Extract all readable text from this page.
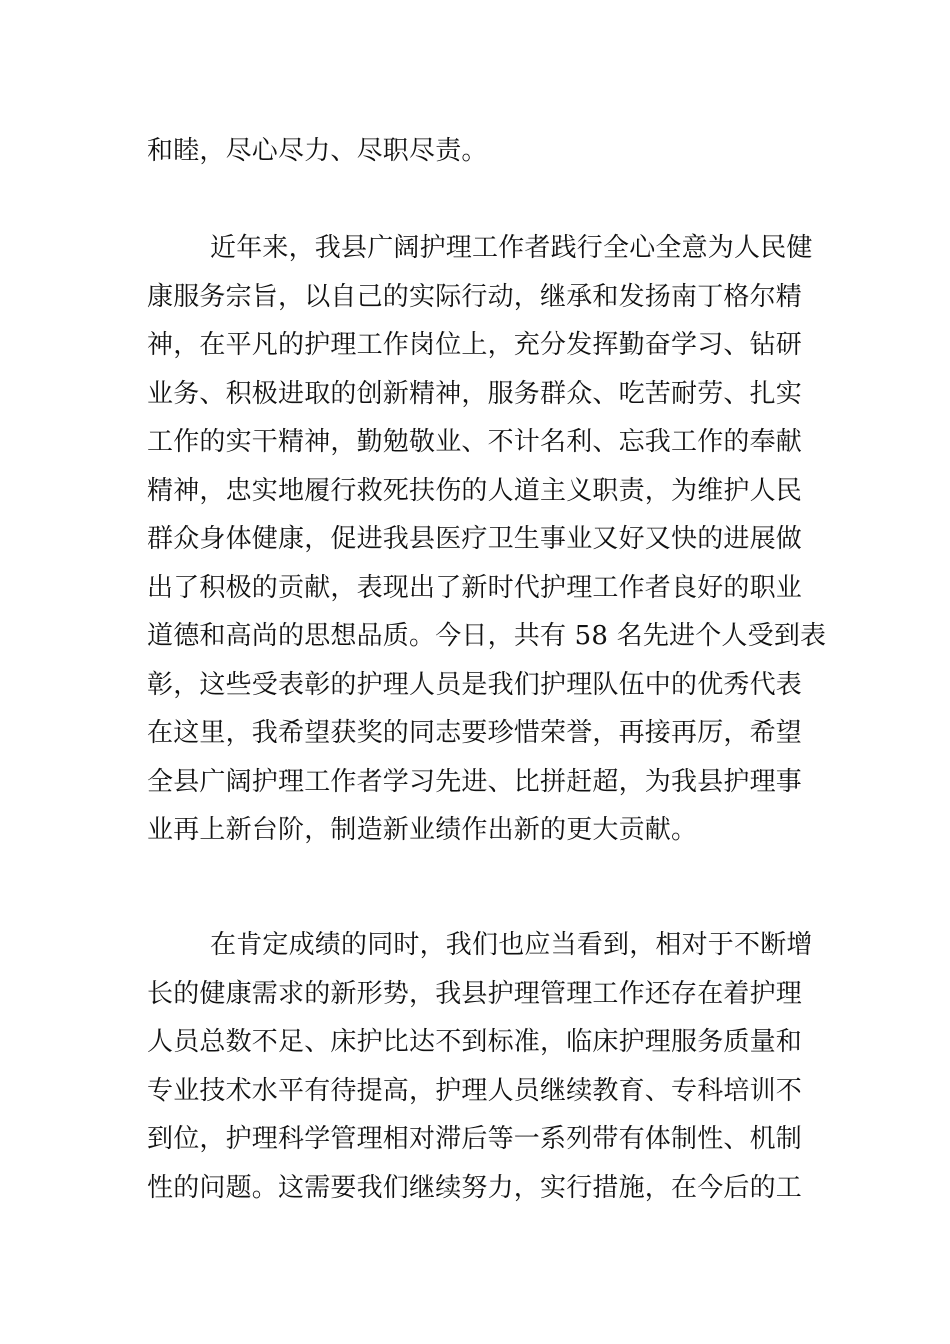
和睦，尽心尽力、尽职尽责。
近年来，我县广阔护理工作者践行全心全意为人民健
康服务宗旨，以自己的实际行动，继承和发扬南丁格尔精
神，在平凡的护理工作岗位上，充分发挥勤奋学习、钻研
业务、积极进取的创新精神，服务群众、吃苦耐劳、扎实
工作的实干精神，勤勉敬业、不计名利、忘我工作的奉献
精神，忠实地履行救死扶伤的人道主义职责，为维护人民
群众身体健康，促进我县医疗卫生事业又好又快的进展做
出了积极的贡献，表现出了新时代护理工作者良好的职业
道德和高尚的思想品质。今日，共有 58 名先进个人受到表
彰，这些受表彰的护理人员是我们护理队伍中的优秀代表
在这里，我希望获奖的同志要珍惜荣誉，再接再厉，希望
全县广阔护理工作者学习先进、比拼赶超，为我县护理事
业再上新台阶，制造新业绩作出新的更大贡献。
在肯定成绩的同时，我们也应当看到，相对于不断增
长的健康需求的新形势，我县护理管理工作还存在着护理
人员总数不足、床护比达不到标准，临床护理服务质量和
专业技术水平有待提高，护理人员继续教育、专科培训不
到位，护理科学管理相对滞后等一系列带有体制性、机制
性的问题。这需要我们继续努力，实行措施，在今后的工
